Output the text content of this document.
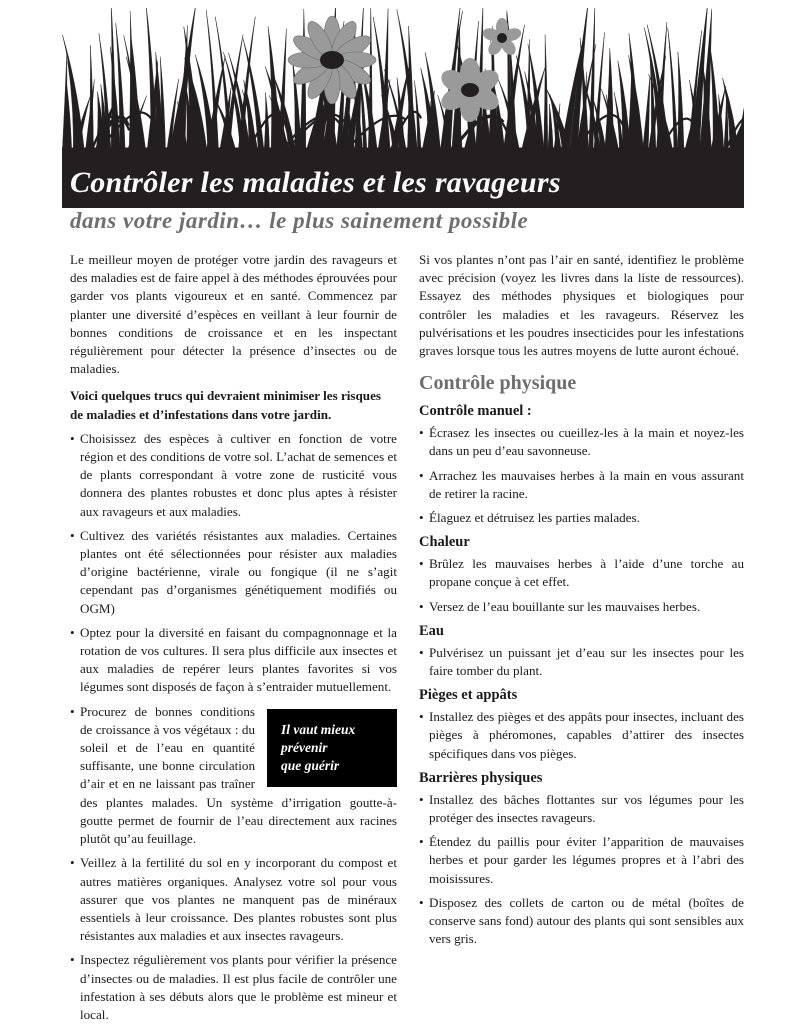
Contrôler les maladies et les ravageurs
dans votre jardin… le plus sainement possible

Le meilleur moyen de protéger votre jardin des ravageurs et des maladies est de faire appel à des méthodes éprouvées pour garder vos plants vigoureux et en santé. Commencez par planter une diversité d’espèces en veillant à leur fournir de bonnes conditions de croissance et en les inspectant régulièrement pour détecter la présence d’insectes ou de maladies.

Voici quelques trucs qui devraient minimiser les risques de maladies et d’infestations dans votre jardin.

• Choisissez des espèces à cultiver en fonction de votre région et des conditions de votre sol. L’achat de semences et de plants correspondant à votre zone de rusticité vous donnera des plantes robustes et donc plus aptes à résister aux ravageurs et aux maladies.
• Cultivez des variétés résistantes aux maladies. Certaines plantes ont été sélectionnées pour résister aux maladies d’origine bactérienne, virale ou fongique (il ne s’agit cependant pas d’organismes génétiquement modifiés ou OGM)
• Optez pour la diversité en faisant du compagnonnage et la rotation de vos cultures. Il sera plus difficile aux insectes et aux maladies de repérer leurs plantes favorites si vos légumes sont disposés de façon à s’entraider mutuellement.
•
Il vaut mieux
prévenir
que guérir
Procurez de bonnes conditions de croissance à vos végétaux : du soleil et de l’eau en quantité suffisante, une bonne circulation d’air et en ne laissant pas traîner des plantes malades. Un système d’irrigation goutte-à-goutte permet de fournir de l’eau directement aux racines plutôt qu’au feuillage.
• Veillez à la fertilité du sol en y incorporant du compost et autres matières organiques. Analysez votre sol pour vous assurer que vos plantes ne manquent pas de minéraux essentiels à leur croissance. Des plantes robustes sont plus résistantes aux maladies et aux insectes ravageurs.
• Inspectez régulièrement vos plants pour vérifier la présence d’insectes ou de maladies. Il est plus facile de contrôler une infestation à ses débuts alors que le problème est mineur et local.

Si vos plantes n’ont pas l’air en santé, identifiez le problème avec précision (voyez les livres dans la liste de ressources). Essayez des méthodes physiques et biologiques pour contrôler les maladies et les ravageurs. Réservez les pulvérisations et les poudres insecticides pour les infestations graves lorsque tous les autres moyens de lutte auront échoué.

Contrôle physique
Contrôle manuel :
• Écrasez les insectes ou cueillez-les à la main et noyez-les dans un peu d’eau savonneuse.
• Arrachez les mauvaises herbes à la main en vous assurant de retirer la racine.
• Élaguez et détruisez les parties malades.
Chaleur
• Brûlez les mauvaises herbes à l’aide d’une torche au propane conçue à cet effet.
• Versez de l’eau bouillante sur les mauvaises herbes.
Eau
• Pulvérisez un puissant jet d’eau sur les insectes pour les faire tomber du plant.
Pièges et appâts
• Installez des pièges et des appâts pour insectes, incluant des pièges à phéromones, capables d’attirer des insectes spécifiques dans vos pièges.
Barrières physiques
• Installez des bâches flottantes sur vos légumes pour les protéger des insectes ravageurs.
• Étendez du paillis pour éviter l’apparition de mauvaises herbes et pour garder les légumes propres et à l’abri des moisissures.
• Disposez des collets de carton ou de métal (boîtes de conserve sans fond) autour des plants qui sont sensibles aux vers gris.
